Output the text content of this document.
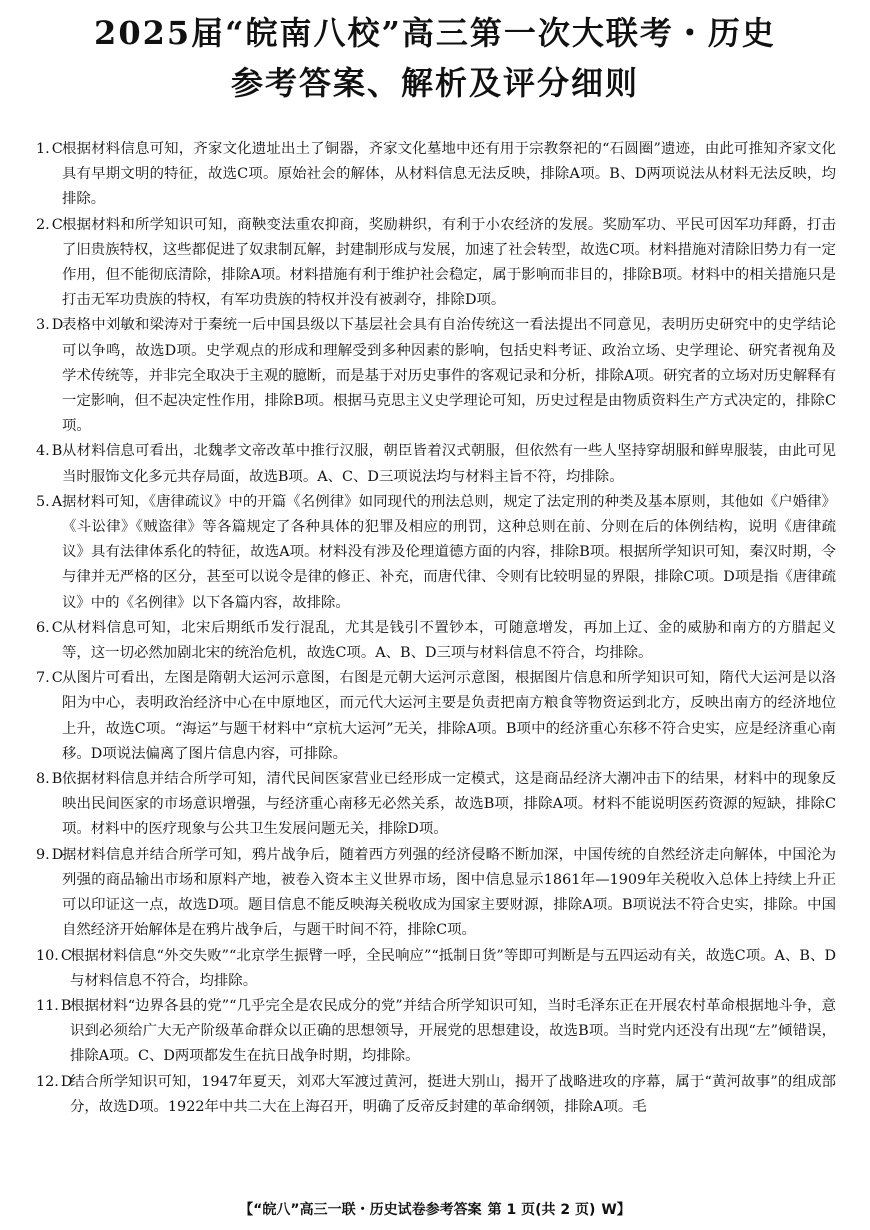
2025届“皖南八校”高三第一次大联考・历史
参考答案、解析及评分细则
1. C 根据材料信息可知，齐家文化遗址出土了铜器，齐家文化墓地中还有用于宗教祭祀的“石圆圈”遗迹，由此可推知齐家文化具有早期文明的特征，故选C项。原始社会的解体，从材料信息无法反映，排除A项。B、D两项说法从材料无法反映，均排除。
2. C 根据材料和所学知识可知，商鞅变法重农抑商，奖励耕织，有利于小农经济的发展。奖励军功、平民可因军功拜爵，打击了旧贵族特权，这些都促进了奴隶制瓦解，封建制形成与发展，加速了社会转型，故选C项。材料措施对清除旧势力有一定作用，但不能彻底清除，排除A项。材料措施有利于维护社会稳定，属于影响而非目的，排除B项。材料中的相关措施只是打击无军功贵族的特权，有军功贵族的特权并没有被剥夺，排除D项。
3. D
表格中刘敏和梁涛对于秦统一后中国县级以下基层社会具有自治传统这一看法提出不同意见，表明历史研究中的史学结论可以争鸣，故选D项。史学观点的形成和理解受到多种因素的影响，包括史料考证、政治立场、史学理论、研究者视角及学术传统等，并非完全取决于主观的臆断，而是基于对历史事件的客观记录和分析，排除A项。研究者的立场对历史解释有一定影响，但不起决定性作用，排除B项。根据马克思主义史学理论可知，历史过程是由物质资料生产方式决定的，排除C项。
4. B 从材料信息可看出，北魏孝文帝改革中推行汉服，朝臣皆着汉式朝服，但依然有一些人坚持穿胡服和鲜卑服装，由此可见当时服饰文化多元共存局面，故选B项。A、C、D三项说法均与材料主旨不符，均排除。
5. A 据材料可知，《唐律疏议》中的开篇《名例律》如同现代的刑法总则，规定了法定刑的种类及基本原则，其他如《户婚律》《斗讼律》《贼盗律》等各篇规定了各种具体的犯罪及相应的刑罚，这种总则在前、分则在后的体例结构，说明《唐律疏议》具有法律体系化的特征，故选A项。材料没有涉及伦理道德方面的内容，排除B项。根据所学知识可知，秦汉时期，令与律并无严格的区分，甚至可以说令是律的修正、补充，而唐代律、令则有比较明显的界限，排除C项。D项是指《唐律疏议》中的《名例律》以下各篇内容，故排除。
6. C 从材料信息可知，北宋后期纸币发行混乱，尤其是钱引不置钞本，可随意增发，再加上辽、金的威胁和南方的方腊起义等，这一切必然加剧北宋的统治危机，故选C项。A、B、D三项与材料信息不符合，均排除。
7. C 从图片可看出，左图是隋朝大运河示意图，右图是元朝大运河示意图，根据图片信息和所学知识可知，隋代大运河是以洛阳为中心，表明政治经济中心在中原地区，而元代大运河主要是负责把南方粮食等物资运到北方，反映出南方的经济地位上升，故选C项。“海运”与题干材料中“京杭大运河”无关，排除A项。B项中的经济重心东移不符合史实，应是经济重心南移。D项说法偏离了图片信息内容，可排除。
8. B 依据材料信息并结合所学可知，清代民间医家营业已经形成一定模式，这是商品经济大潮冲击下的结果，材料中的现象反映出民间医家的市场意识增强，与经济重心南移无必然关系，故选B项，排除A项。材料不能说明医药资源的短缺，排除C项。材料中的医疗现象与公共卫生发展问题无关，排除D项。
9. D
据材料信息并结合所学可知，鸦片战争后，随着西方列强的经济侵略不断加深，中国传统的自然经济走向解体，中国沦为列强的商品输出市场和原料产地，被卷入资本主义世界市场，图中信息显示1861年—1909年关税收入总体上持续上升正可以印证这一点，故选D项。题目信息不能反映海关税收成为国家主要财源，排除A项。B项说法不符合史实，排除。中国自然经济开始解体是在鸦片战争后，与题干时间不符，排除C项。
10. C
根据材料信息“外交失败”“北京学生振臂一呼，全民响应”“抵制日货”等即可判断是与五四运动有关，故选C项。A、B、D与材料信息不符合，均排除。
11. B
根据材料“边界各县的党”“几乎完全是农民成分的党”并结合所学知识可知，当时毛泽东正在开展农村革命根据地斗争，意识到必须给广大无产阶级革命群众以正确的思想领导，开展党的思想建设，故选B项。当时党内还没有出现“左”倾错误，排除A项。C、D两项都发生在抗日战争时期，均排除。
12. D
结合所学知识可知，1947年夏天，刘邓大军渡过黄河，挺进大别山，揭开了战略进攻的序幕，属于“黄河故事”的组成部分，故选D项。1922年中共二大在上海召开，明确了反帝反封建的革命纲领，排除A项。毛
【“皖八”高三一联・历史试卷参考答案 第 1 页(共 2 页) W】
